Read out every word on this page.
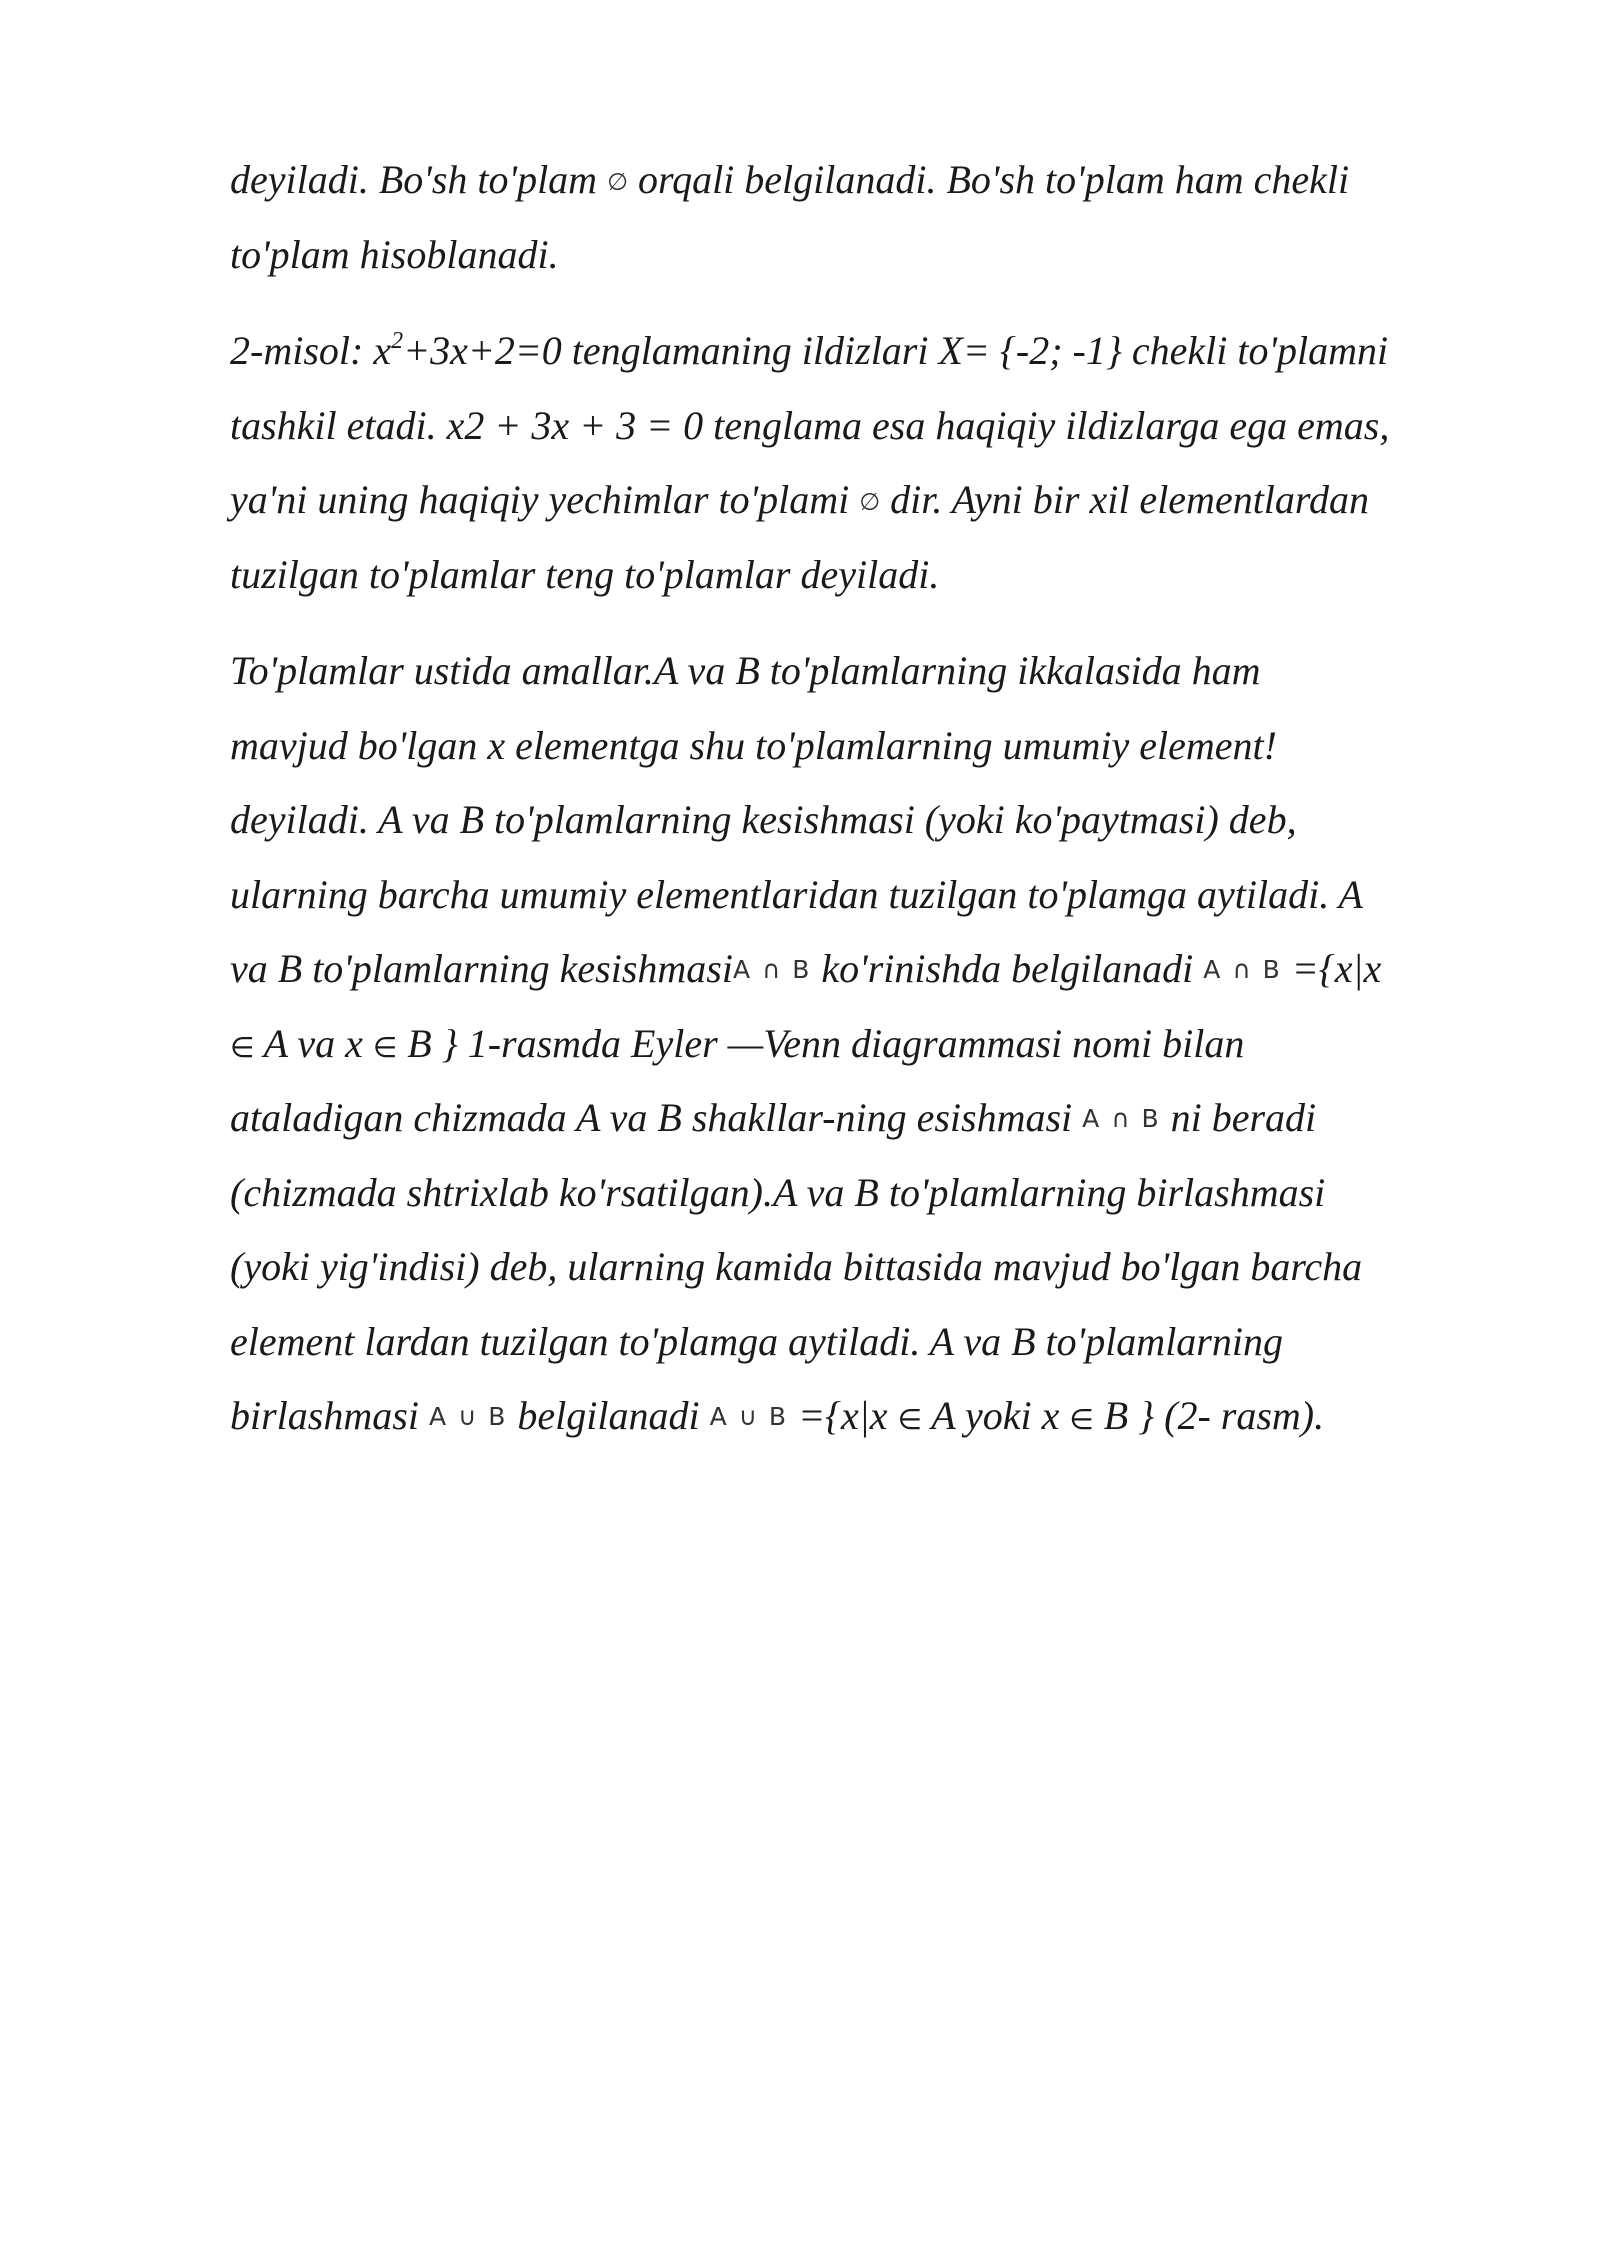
deyiladi. Bo'sh to'plam ∅ orqali belgilanadi. Bo'sh to'plam ham chekli
to'plam hisoblanadi.

2-misol: $x^2+3x+2=0$ tenglamaning ildizlari X= {-2; -1} chekli to'plamni
tashkil etadi. x2 + 3x + 3 = 0 tenglama esa haqiqiy ildizlarga ega emas,
ya'ni uning haqiqiy yechimlar to'plami ∅ dir. Ayni bir xil elementlardan
tuzilgan to'plamlar teng to'plamlar deyiladi.

To'plamlar ustida amallar.A va B to'plamlarning ikkalasida ham
mavjud bo'lgan x elementga shu to'plamlarning umumiy element!
deyiladi. A va B to'plamlarning kesishmasi (yoki ko'paytmasi) deb,
ularning barcha umumiy elementlaridan tuzilgan to'plamga aytiladi. A
va B to'plamlarning kesishmasiA ∩ B ko'rinishda belgilanadi A ∩ B ={x|x
∈ A va x ∈ B } 1-rasmda Eyler —Venn diagrammasi nomi bilan
ataladigan chizmada A va B shakllar-ning esishmasi A ∩ B ni beradi
(chizmada shtrixlab ko'rsatilgan).A va B to'plamlarning birlashmasi
(yoki yig'indisi) deb, ularning kamida bittasida mavjud bo'lgan barcha
element lardan tuzilgan to'plamga aytiladi. A va B to'plamlarning
birlashmasi A ∪ B belgilanadi A ∪ B ={x|x ∈ A yoki x ∈ B } (2- rasm).
